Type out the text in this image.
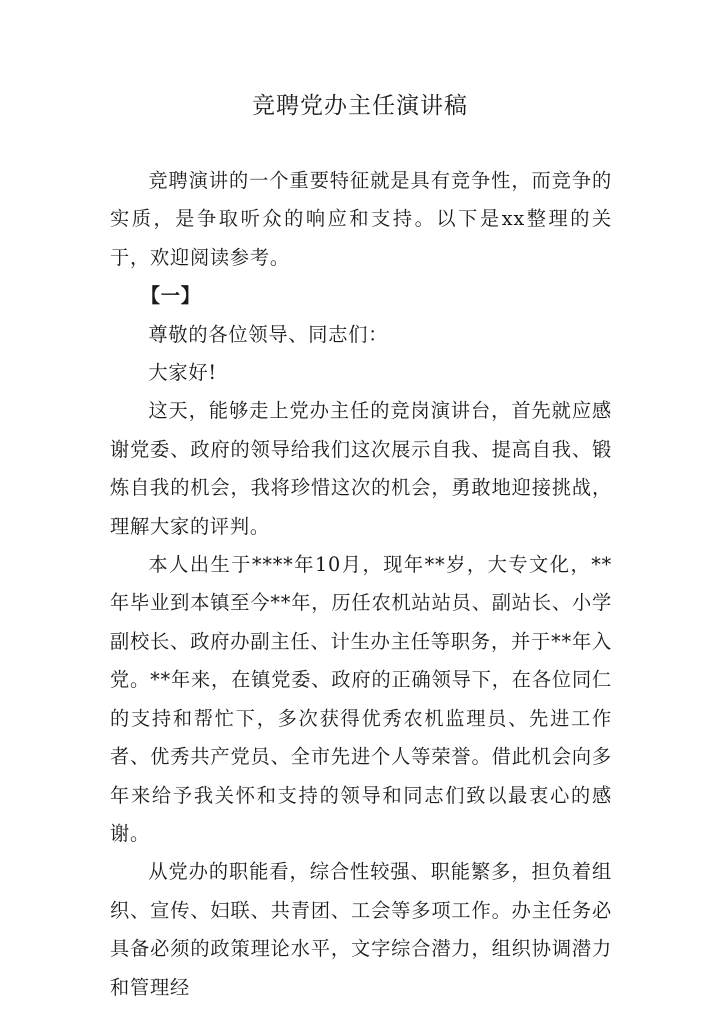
竞聘党办主任演讲稿

竞聘演讲的一个重要特征就是具有竞争性，而竞争的实质，是争取听众的响应和支持。以下是xx整理的关于，欢迎阅读参考。

【一】

尊敬的各位领导、同志们：

大家好!

这天，能够走上党办主任的竞岗演讲台，首先就应感谢党委、政府的领导给我们这次展示自我、提高自我、锻炼自我的机会，我将珍惜这次的机会，勇敢地迎接挑战，理解大家的评判。

本人出生于****年10月，现年**岁，大专文化，**年毕业到本镇至今**年，历任农机站站员、副站长、小学副校长、政府办副主任、计生办主任等职务，并于**年入党。**年来，在镇党委、政府的正确领导下，在各位同仁的支持和帮忙下，多次获得优秀农机监理员、先进工作者、优秀共产党员、全市先进个人等荣誉。借此机会向多年来给予我关怀和支持的领导和同志们致以最衷心的感谢。

从党办的职能看，综合性较强、职能繁多，担负着组织、宣传、妇联、共青团、工会等多项工作。办主任务必具备必须的政策理论水平，文字综合潜力，组织协调潜力和管理经
